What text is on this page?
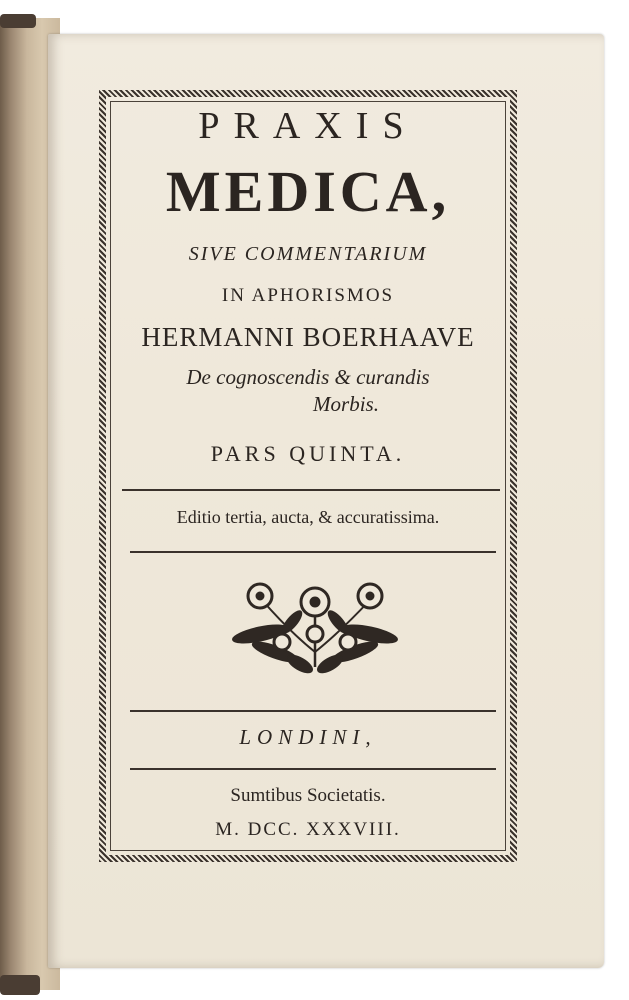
PRAXIS
MEDICA,
SIVE COMMENTARIUM
IN APHORISMOS
HERMANNI BOERHAAVE
De cognoscendis & curandis
Morbis.
PARS QUINTA.
Editio tertia, aucta, & accuratissima.
LONDINI,
Sumtibus Societatis.
M. DCC. XXXVIII.
